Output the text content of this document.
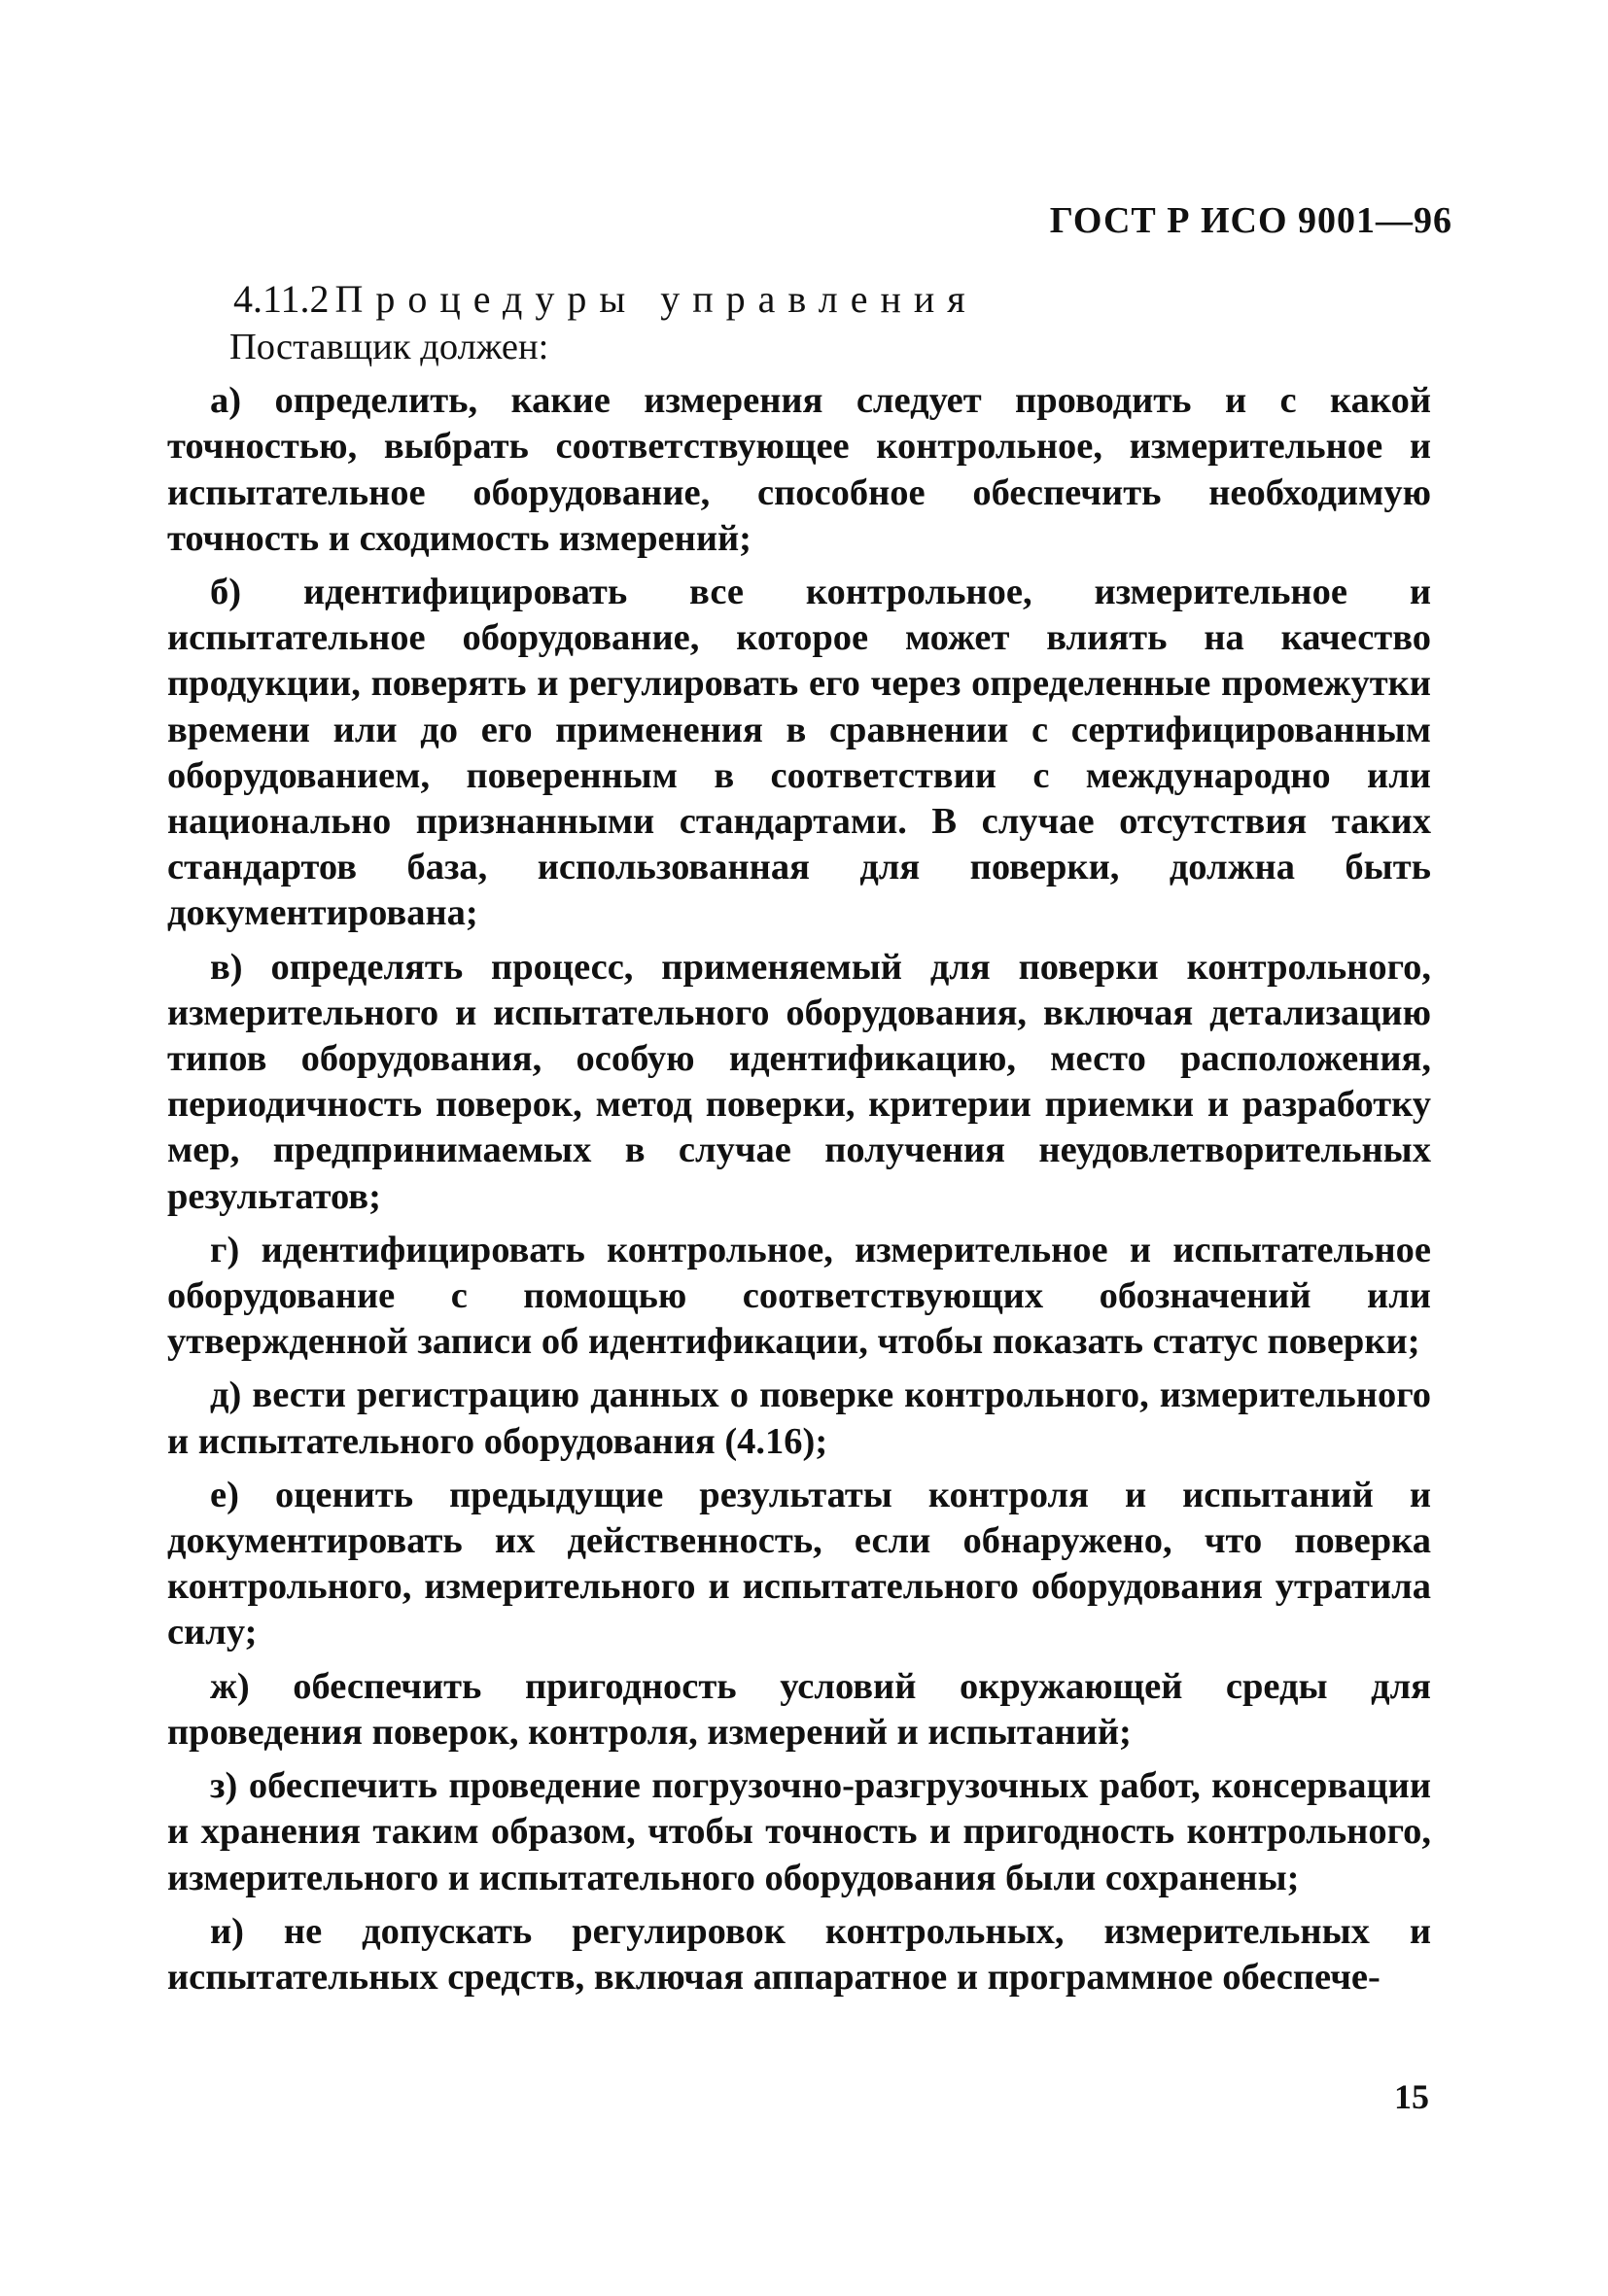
ГОСТ Р ИСО 9001—96

4.11.2 Процедуры управления

Поставщик должен:

а) определить, какие измерения следует проводить и с какой точностью, выбрать соответствующее контрольное, измерительное и испытательное оборудование, способное обеспечить необходимую точность и сходимость измерений;

б) идентифицировать все контрольное, измерительное и испытательное оборудование, которое может влиять на качество продукции, поверять и регулировать его через определенные промежутки времени или до его применения в сравнении с сертифицированным оборудованием, поверенным в соответствии с международно или национально признанными стандартами. В случае отсутствия таких стандартов база, использованная для поверки, должна быть документирована;

в) определять процесс, применяемый для поверки контрольного, измерительного и испытательного оборудования, включая детализацию типов оборудования, особую идентификацию, место расположения, периодичность поверок, метод поверки, критерии приемки и разработку мер, предпринимаемых в случае получения неудовлетворительных результатов;

г) идентифицировать контрольное, измерительное и испытательное оборудование с помощью соответствующих обозначений или утвержденной записи об идентификации, чтобы показать статус поверки;

д) вести регистрацию данных о поверке контрольного, измерительного и испытательного оборудования (4.16);

е) оценить предыдущие результаты контроля и испытаний и документировать их действенность, если обнаружено, что поверка контрольного, измерительного и испытательного оборудования утратила силу;

ж) обеспечить пригодность условий окружающей среды для проведения поверок, контроля, измерений и испытаний;

з) обеспечить проведение погрузочно-разгрузочных работ, консервации и хранения таким образом, чтобы точность и пригодность контрольного, измерительного и испытательного оборудования были сохранены;

и) не допускать регулировок контрольных, измерительных и испытательных средств, включая аппаратное и программное обеспече-

15
